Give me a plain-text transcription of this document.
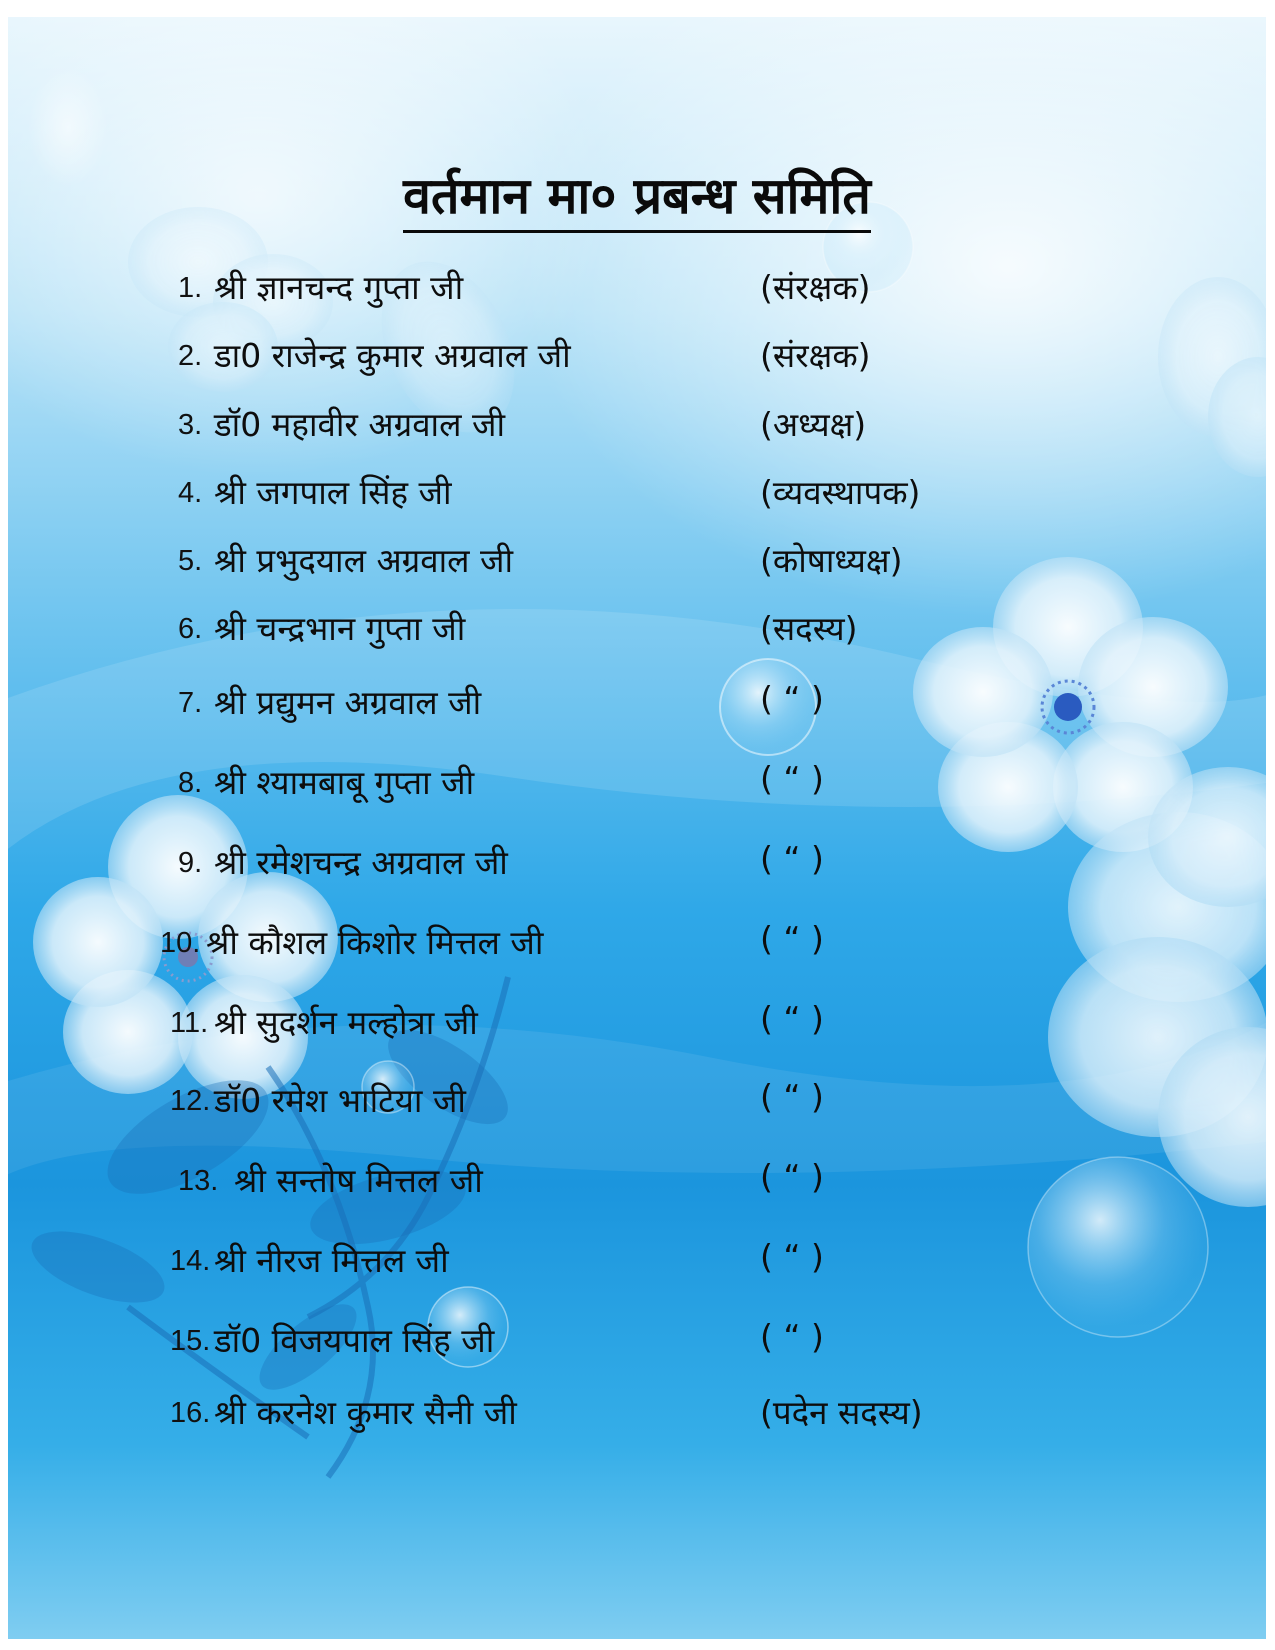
वर्तमान मा० प्रबन्ध समिति
1. श्री ज्ञानचन्द गुप्ता जी	(संरक्षक)
2. डा0 राजेन्द्र कुमार अग्रवाल जी	(संरक्षक)
3. डॉ0 महावीर अग्रवाल जी	(अध्यक्ष)
4. श्री जगपाल सिंह जी	(व्यवस्थापक)
5. श्री प्रभुदयाल अग्रवाल जी	(कोषाध्यक्ष)
6. श्री चन्द्रभान गुप्ता जी	(सदस्य)
7. श्री प्रद्युमन अग्रवाल जी	( “ )
8. श्री श्यामबाबू गुप्ता जी	( “ )
9. श्री रमेशचन्द्र अग्रवाल जी	( “ )
10. श्री कौशल किशोर मित्तल जी	( “ )
11. श्री सुदर्शन मल्होत्रा जी	( “ )
12. डॉ0 रमेश भाटिया जी	( “ )
13. श्री सन्तोष मित्तल जी	( “ )
14. श्री नीरज मित्तल जी	( “ )
15. डॉ0 विजयपाल सिंह जी	( “ )
16. श्री करनेश कुमार सैनी जी	(पदेन सदस्य)
